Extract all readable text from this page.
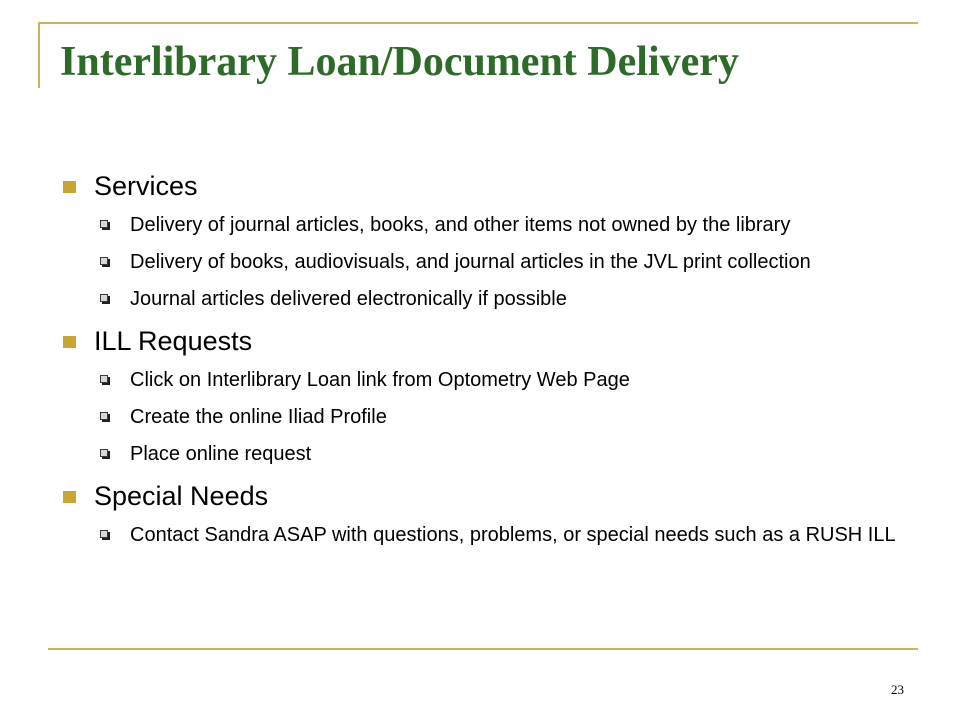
Interlibrary Loan/Document Delivery
Services
Delivery of journal articles, books, and other items not owned by the library
Delivery of books, audiovisuals, and journal articles in the JVL print collection
Journal articles delivered electronically if possible
ILL Requests
Click on Interlibrary Loan link from Optometry Web Page
Create the online Iliad Profile
Place online request
Special Needs
Contact Sandra ASAP with questions, problems, or special needs such as a RUSH ILL
23
